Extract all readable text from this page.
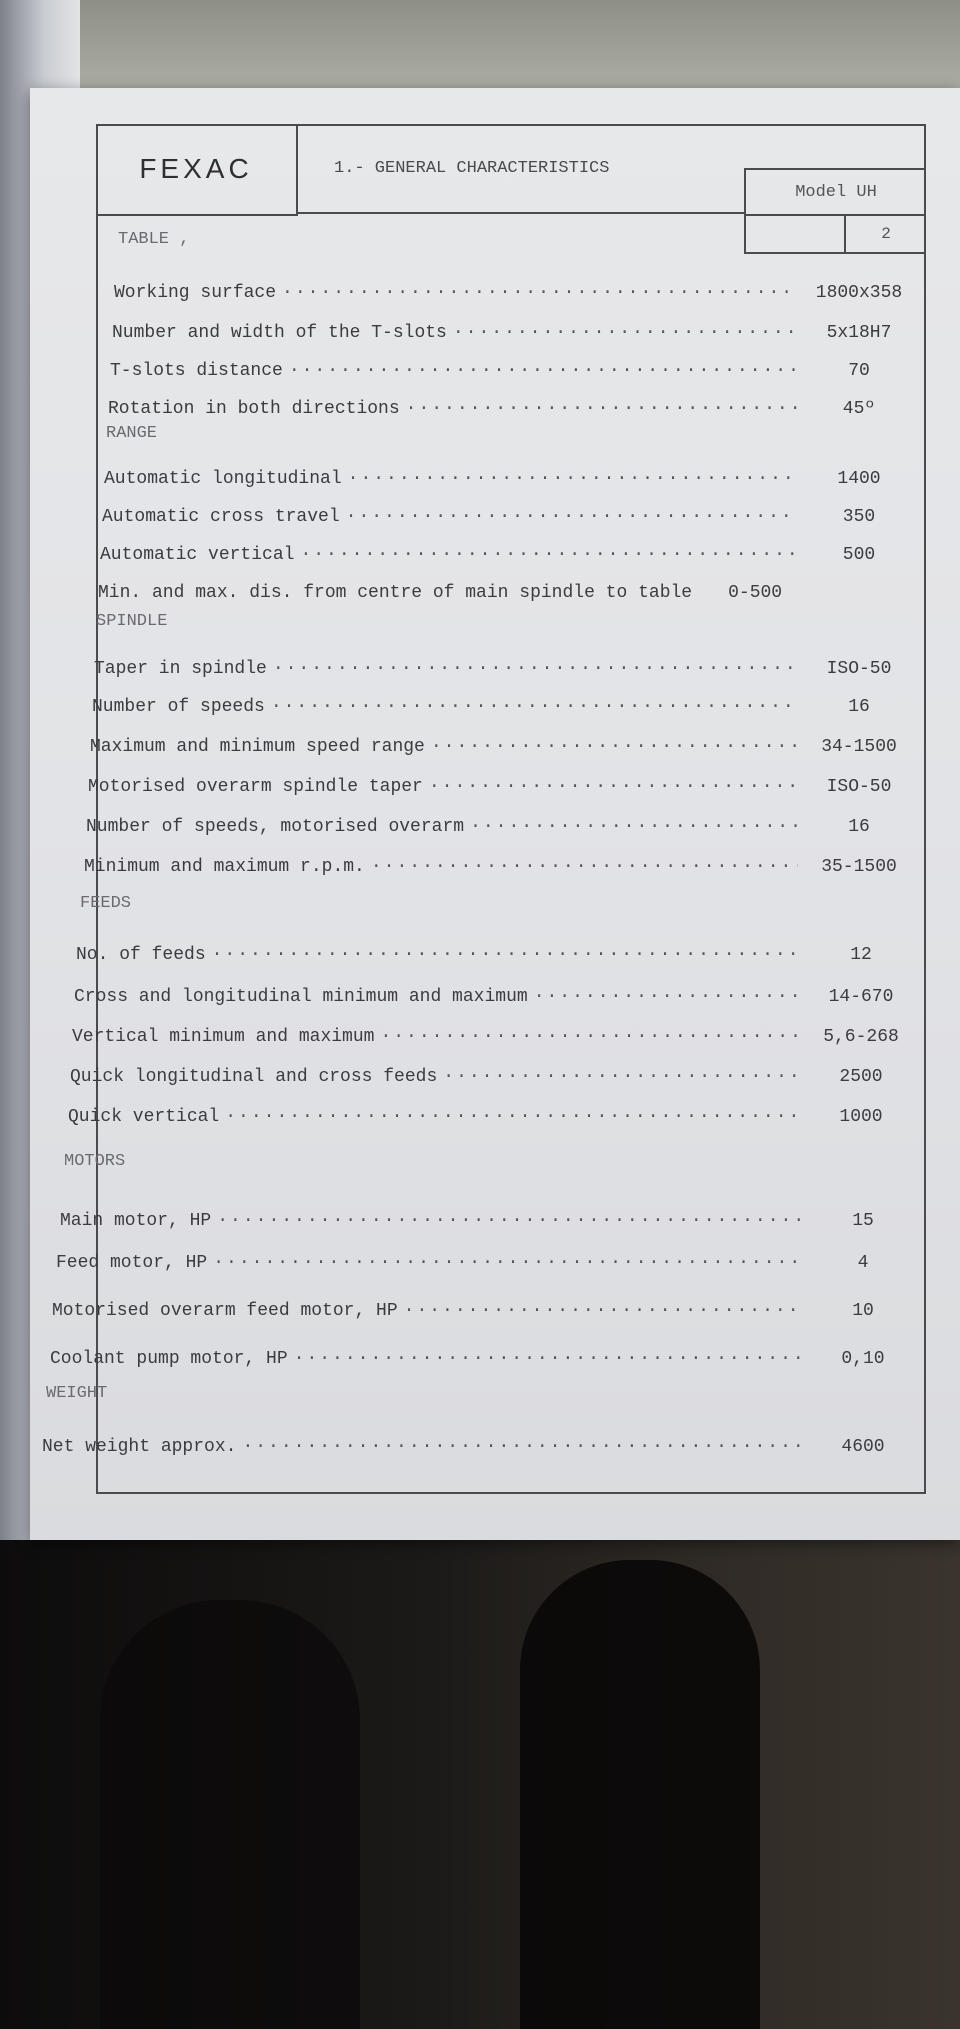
FEXAC	1.- GENERAL CHARACTERISTICS
Model UH
2
TABLE ,
Working surface ·····	1800x358
Number and width of the T-slots ·····	5x18H7
T-slots distance ·····	70
Rotation in both directions ·····	45º
RANGE
Automatic longitudinal ·····	1400
Automatic cross travel ·····	350
Automatic vertical ·····	500
Min. and max. dis. from centre of main spindle to table	0-500
SPINDLE
Taper in spindle ·····	ISO-50
Number of speeds ·····	16
Maximum and minimum speed range ·····	34-1500
Motorised overarm spindle taper ·····	ISO-50
Number of speeds, motorised overarm ·····	16
Minimum and maximum r.p.m. ·····	35-1500
FEEDS
No. of feeds ·····	12
Cross and longitudinal minimum and maximum ·····	14-670
Vertical minimum and maximum ·····	5,6-268
Quick longitudinal and cross feeds ·····	2500
Quick vertical ·····	1000
MOTORS
Main motor, HP ·····	15
Feed motor, HP ·····	4
Motorised overarm feed motor, HP ·····	10
Coolant pump motor, HP ·····	0,10
WEIGHT
Net weight approx. ·····	4600
